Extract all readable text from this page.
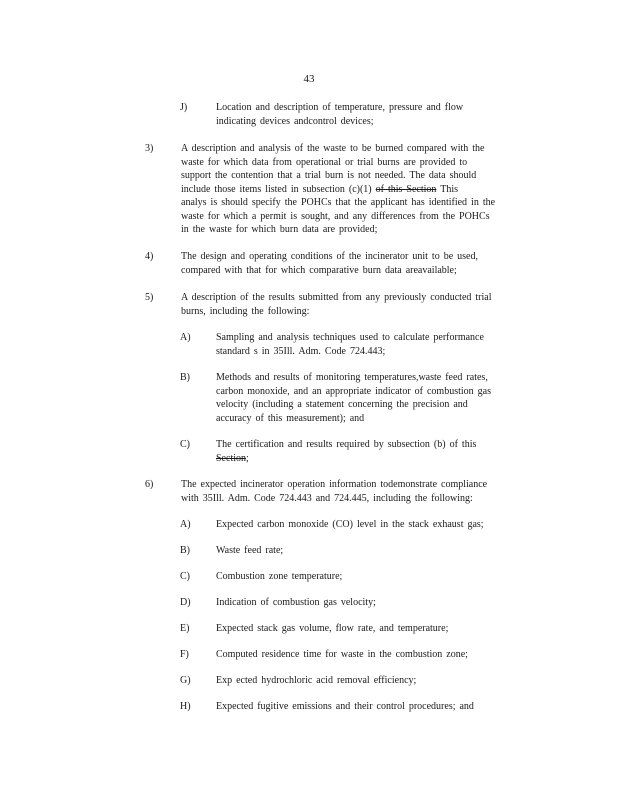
43
J)	Location and description of temperature, pressure and flow
indicating devices andcontrol devices;
3)	A description and analysis of the waste to be burned compared with the
waste for which data from operational or trial burns are provided to
support the contention that a trial burn is not needed. The data should
include those items listed in subsection (c)(1) of this Section This
analys is should specify the POHCs that the applicant has identified in the
waste for which a permit is sought, and any differences from the POHCs
in the waste for which burn data are provided;
4)	The design and operating conditions of the incinerator unit to be used,
compared with that for which comparative burn data areavailable;
5)	A description of the results submitted from any previously conducted trial
burns, including the following:
A)	Sampling and analysis techniques used to calculate performance
standard s in 35Ill. Adm. Code 724.443;
B)	Methods and results of monitoring temperatures,waste feed rates,
carbon monoxide, and an appropriate indicator of combustion gas
velocity (including a statement concerning the precision and
accuracy of this measurement); and
C)	The certification and results required by subsection (b) of this
Section;
6)	The expected incinerator operation information todemonstrate compliance
with 35Ill. Adm. Code 724.443 and 724.445, including the following:
A)	Expected carbon monoxide (CO) level in the stack exhaust gas;
B)	Waste feed rate;
C)	Combustion zone temperature;
D)	Indication of combustion gas velocity;
E)	Expected stack gas volume, flow rate, and temperature;
F)	Computed residence time for waste in the combustion zone;
G)	Exp ected hydrochloric acid removal efficiency;
H)	Expected fugitive emissions and their control procedures; and
